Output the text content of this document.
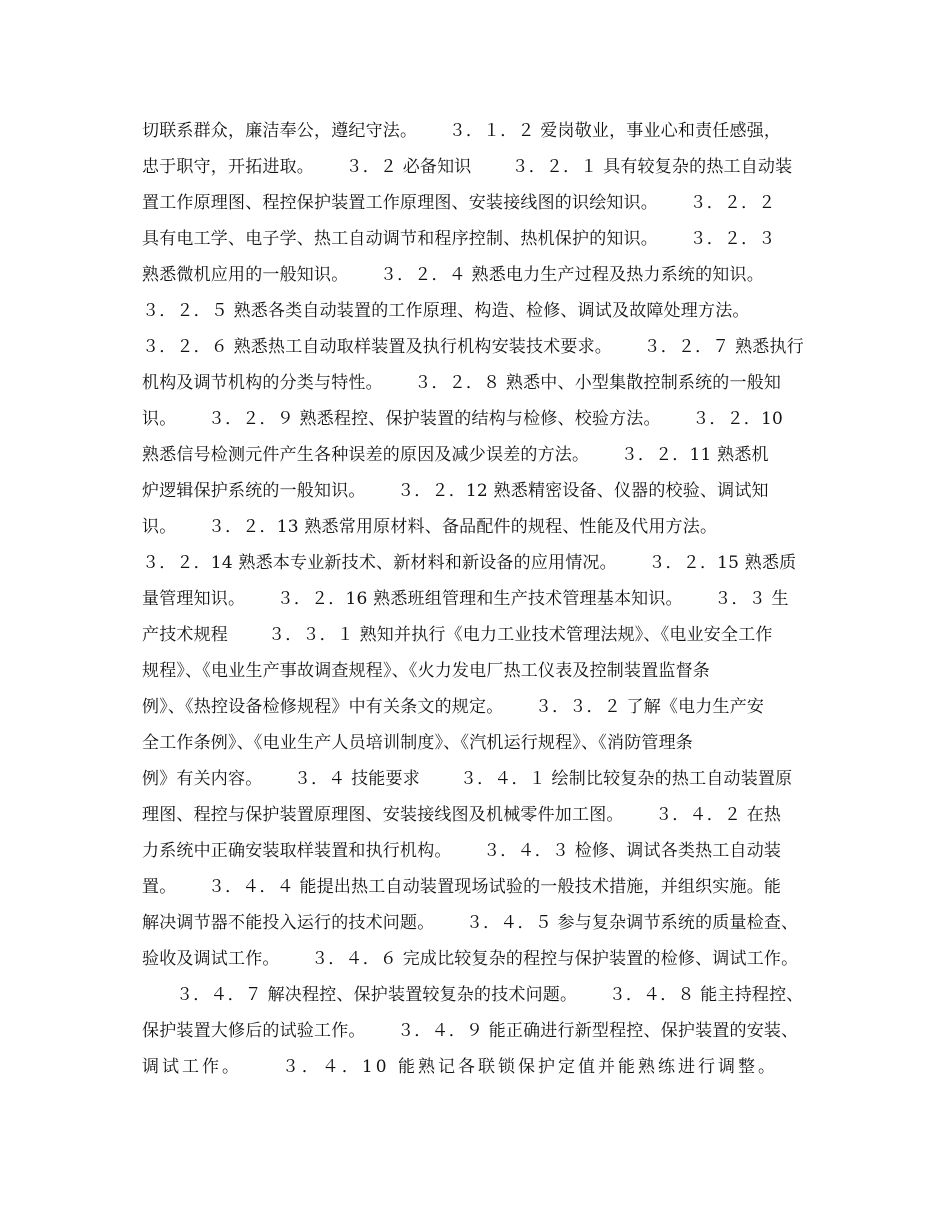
切联系群众，廉洁奉公，遵纪守法。　　 ３．１．２ 爱岗敬业，事业心和责任感强，
忠于职守，开拓进取。　　 ３．２ 必备知识　　 ３．２．１ 具有较复杂的热工自动装
置工作原理图、程控保护装置工作原理图、安装接线图的识绘知识。　　 ３．２．２
具有电工学、电子学、热工自动调节和程序控制、热机保护的知识。　　 ３．２．３
熟悉微机应用的一般知识。　　 ３．２．４ 熟悉电力生产过程及热力系统的知识。
３．２．５ 熟悉各类自动装置的工作原理、构造、检修、调试及故障处理方法。
３．２．６ 熟悉热工自动取样装置及执行机构安装技术要求。　　 ３．２．７ 熟悉执行
机构及调节机构的分类与特性。　　 ３．２．８ 熟悉中、小型集散控制系统的一般知
识。　　 ３．２．９ 熟悉程控、保护装置的结构与检修、校验方法。　　 ３．２．10
熟悉信号检测元件产生各种误差的原因及减少误差的方法。　　 ３．２．11 熟悉机
炉逻辑保护系统的一般知识。　　 ３．２．12 熟悉精密设备、仪器的校验、调试知
识。　　 ３．２．13 熟悉常用原材料、备品配件的规程、性能及代用方法。
３．２．14 熟悉本专业新技术、新材料和新设备的应用情况。　　 ３．２．15 熟悉质
量管理知识。　　 ３．２．16 熟悉班组管理和生产技术管理基本知识。　　 ３．３ 生
产技术规程　　 ３．３．１ 熟知并执行《电力工业技术管理法规》、《电业安全工作
规程》、《电业生产事故调查规程》、《火力发电厂热工仪表及控制装置监督条
例》、《热控设备检修规程》中有关条文的规定。　　 ３．３．２ 了解《电力生产安
全工作条例》、《电业生产人员培训制度》、《汽机运行规程》、《消防管理条
例》有关内容。　　 ３．４ 技能要求　　 ３．４．１ 绘制比较复杂的热工自动装置原
理图、程控与保护装置原理图、安装接线图及机械零件加工图。　　 ３．４．２ 在热
力系统中正确安装取样装置和执行机构。　　 ３．４．３ 检修、调试各类热工自动装
置。　　 ３．４．４ 能提出热工自动装置现场试验的一般技术措施，并组织实施。能
解决调节器不能投入运行的技术问题。　　 ３．４．５ 参与复杂调节系统的质量检查、
验收及调试工作。　　 ３．４．６ 完成比较复杂的程控与保护装置的检修、调试工作。
３．４．７ 解决程控、保护装置较复杂的技术问题。　　 ３．４．８ 能主持程控、
保护装置大修后的试验工作。　　 ３．４．９ 能正确进行新型程控、保护装置的安装、
调试工作。　　 ３．４．10 能熟记各联锁保护定值并能熟练进行调整。
